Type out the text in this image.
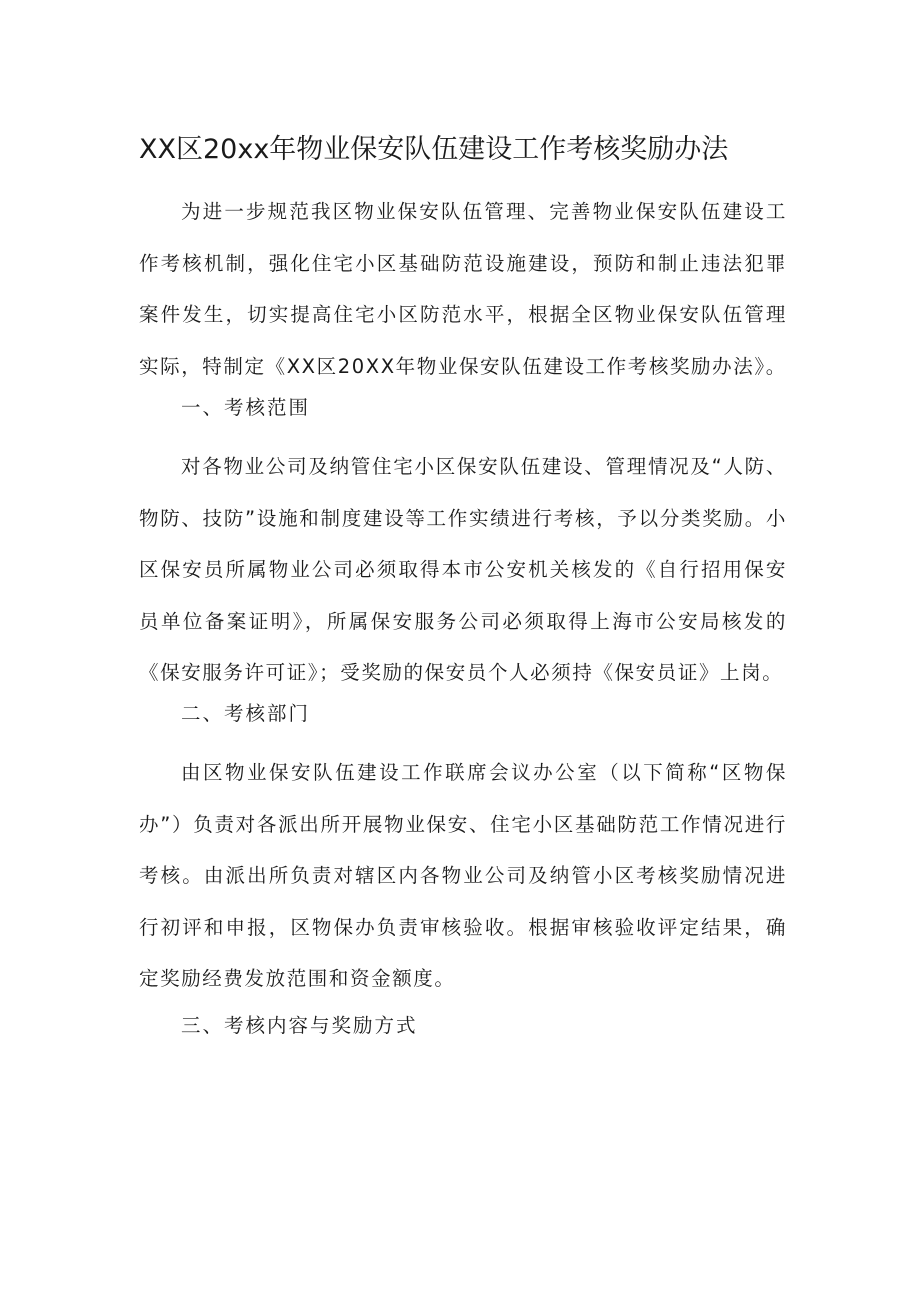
XX区20xx年物业保安队伍建设工作考核奖励办法

为进一步规范我区物业保安队伍管理、完善物业保安队伍建设工作考核机制，强化住宅小区基础防范设施建设，预防和制止违法犯罪案件发生，切实提高住宅小区防范水平，根据全区物业保安队伍管理实际，特制定《XX区20XX年物业保安队伍建设工作考核奖励办法》。

一、考核范围

对各物业公司及纳管住宅小区保安队伍建设、管理情况及“人防、物防、技防”设施和制度建设等工作实绩进行考核，予以分类奖励。小区保安员所属物业公司必须取得本市公安机关核发的《自行招用保安员单位备案证明》，所属保安服务公司必须取得上海市公安局核发的《保安服务许可证》；受奖励的保安员个人必须持《保安员证》上岗。

二、考核部门

由区物业保安队伍建设工作联席会议办公室（以下简称“区物保办”）负责对各派出所开展物业保安、住宅小区基础防范工作情况进行考核。由派出所负责对辖区内各物业公司及纳管小区考核奖励情况进行初评和申报，区物保办负责审核验收。根据审核验收评定结果，确定奖励经费发放范围和资金额度。

三、考核内容与奖励方式
